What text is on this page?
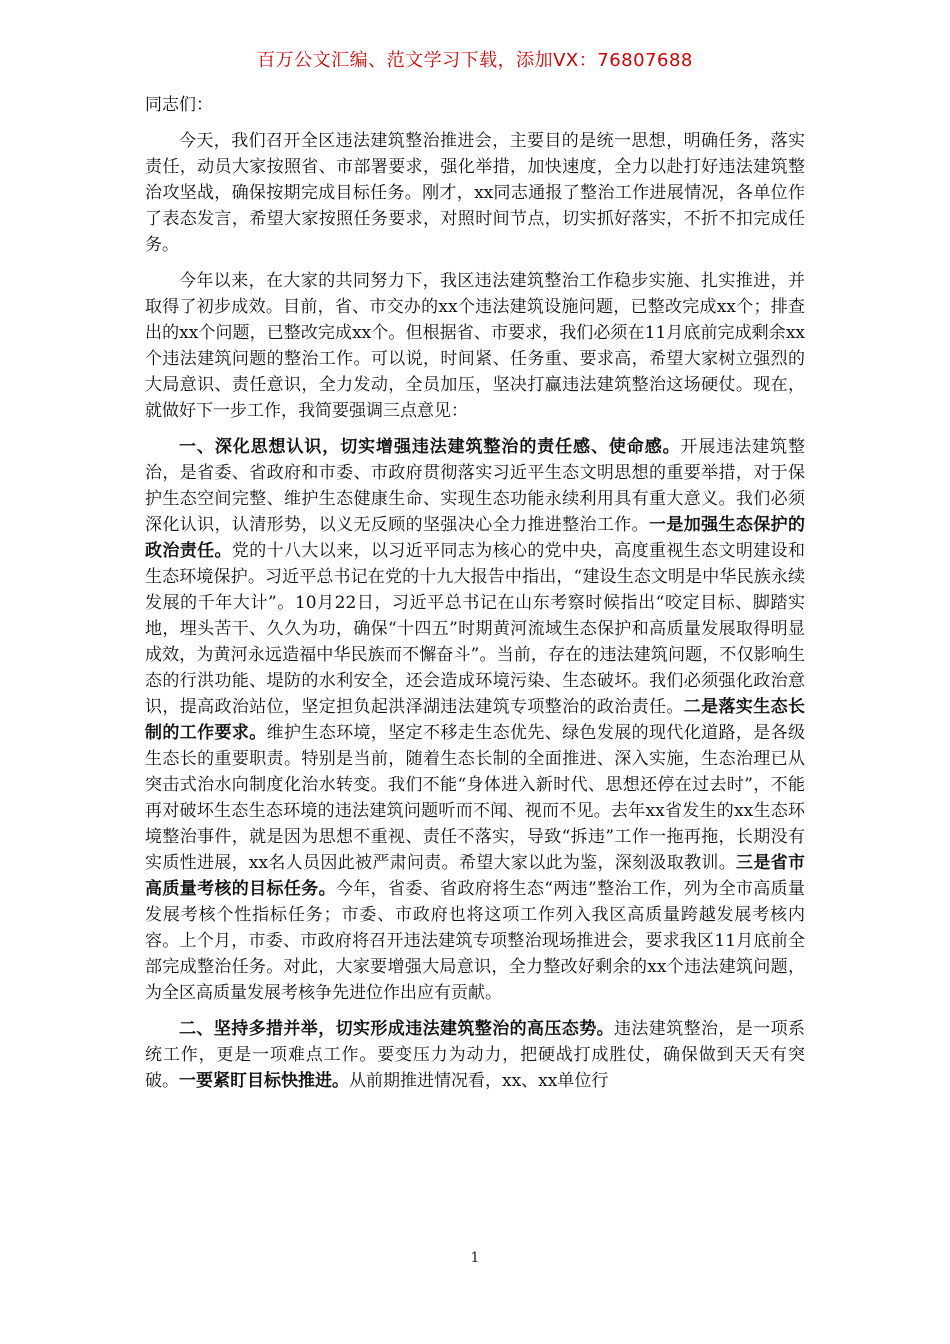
百万公文汇编、范文学习下载，添加VX：76807688

同志们：

今天，我们召开全区违法建筑整治推进会，主要目的是统一思想，明确任务，落实责任，动员大家按照省、市部署要求，强化举措，加快速度，全力以赴打好违法建筑整治攻坚战，确保按期完成目标任务。刚才，xx同志通报了整治工作进展情况，各单位作了表态发言，希望大家按照任务要求，对照时间节点，切实抓好落实，不折不扣完成任务。

今年以来，在大家的共同努力下，我区违法建筑整治工作稳步实施、扎实推进，并取得了初步成效。目前，省、市交办的xx个违法建筑设施问题，已整改完成xx个；排查出的xx个问题，已整改完成xx个。但根据省、市要求，我们必须在11月底前完成剩余xx个违法建筑问题的整治工作。可以说，时间紧、任务重、要求高，希望大家树立强烈的大局意识、责任意识，全力发动，全员加压，坚决打赢违法建筑整治这场硬仗。现在，就做好下一步工作，我简要强调三点意见：

一、深化思想认识，切实增强违法建筑整治的责任感、使命感。开展违法建筑整治，是省委、省政府和市委、市政府贯彻落实习近平生态文明思想的重要举措，对于保护生态空间完整、维护生态健康生命、实现生态功能永续利用具有重大意义。我们必须深化认识，认清形势，以义无反顾的坚强决心全力推进整治工作。一是加强生态保护的政治责任。党的十八大以来，以习近平同志为核心的党中央，高度重视生态文明建设和生态环境保护。习近平总书记在党的十九大报告中指出，“建设生态文明是中华民族永续发展的千年大计”。10月22日，习近平总书记在山东考察时候指出“咬定目标、脚踏实地，埋头苦干、久久为功，确保“十四五”时期黄河流域生态保护和高质量发展取得明显成效，为黄河永远造福中华民族而不懈奋斗”。当前，存在的违法建筑问题，不仅影响生态的行洪功能、堤防的水利安全，还会造成环境污染、生态破坏。我们必须强化政治意识，提高政治站位，坚定担负起洪泽湖违法建筑专项整治的政治责任。二是落实生态长制的工作要求。维护生态环境，坚定不移走生态优先、绿色发展的现代化道路，是各级生态长的重要职责。特别是当前，随着生态长制的全面推进、深入实施，生态治理已从突击式治水向制度化治水转变。我们不能“身体进入新时代、思想还停在过去时”，不能再对破坏生态生态环境的违法建筑问题听而不闻、视而不见。去年xx省发生的xx生态环境整治事件，就是因为思想不重视、责任不落实，导致“拆违”工作一拖再拖，长期没有实质性进展，xx名人员因此被严肃问责。希望大家以此为鉴，深刻汲取教训。三是省市高质量考核的目标任务。今年，省委、省政府将生态“两违”整治工作，列为全市高质量发展考核个性指标任务；市委、市政府也将这项工作列入我区高质量跨越发展考核内容。上个月，市委、市政府将召开违法建筑专项整治现场推进会，要求我区11月底前全部完成整治任务。对此，大家要增强大局意识，全力整改好剩余的xx个违法建筑问题，为全区高质量发展考核争先进位作出应有贡献。

二、坚持多措并举，切实形成违法建筑整治的高压态势。违法建筑整治，是一项系统工作，更是一项难点工作。要变压力为动力，把硬战打成胜仗，确保做到天天有突破。一要紧盯目标快推进。从前期推进情况看，xx、xx单位行

1
